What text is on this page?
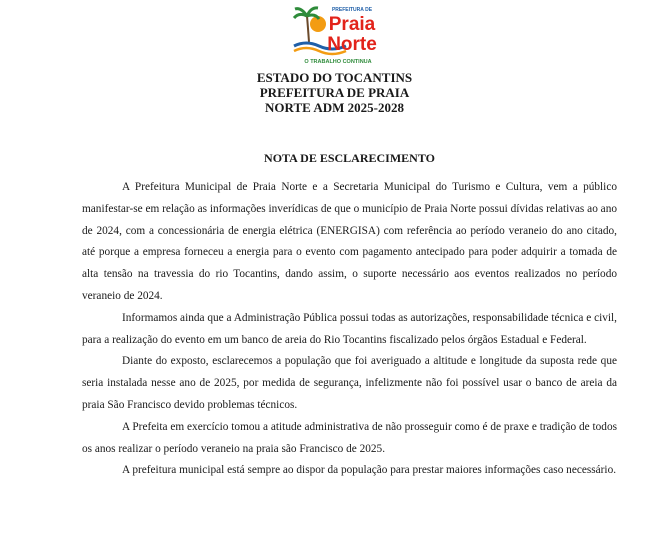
PREFEITURA DE
Praia
Norte
O TRABALHO CONTINUA
ESTADO DO TOCANTINS
PREFEITURA DE PRAIA
NORTE ADM 2025-2028
NOTA DE ESCLARECIMENTO

A Prefeitura Municipal de Praia Norte e a Secretaria Municipal do Turismo e Cultura, vem a público manifestar-se em relação as informações inverídicas de que o município de Praia Norte possui dívidas relativas ao ano de 2024, com a concessionária de energia elétrica (ENERGISA) com referência ao período veraneio do ano citado, até porque a empresa forneceu a energia para o evento com pagamento antecipado para poder adquirir a tomada de alta tensão na travessia do rio Tocantins, dando assim, o suporte necessário aos eventos realizados no período veraneio de 2024.

Informamos ainda que a Administração Pública possui todas as autorizações, responsabilidade técnica e civil, para a realização do evento em um banco de areia do Rio Tocantins fiscalizado pelos órgãos Estadual e Federal.

Diante do exposto, esclarecemos a população que foi averiguado a altitude e longitude da suposta rede que seria instalada nesse ano de 2025, por medida de segurança, infelizmente não foi possível usar o banco de areia da praia São Francisco devido problemas técnicos.

A Prefeita em exercício tomou a atitude administrativa de não prosseguir como é de praxe e tradição de todos os anos realizar o período veraneio na praia são Francisco de 2025.

A prefeitura municipal está sempre ao dispor da população para prestar maiores informações caso necessário.
